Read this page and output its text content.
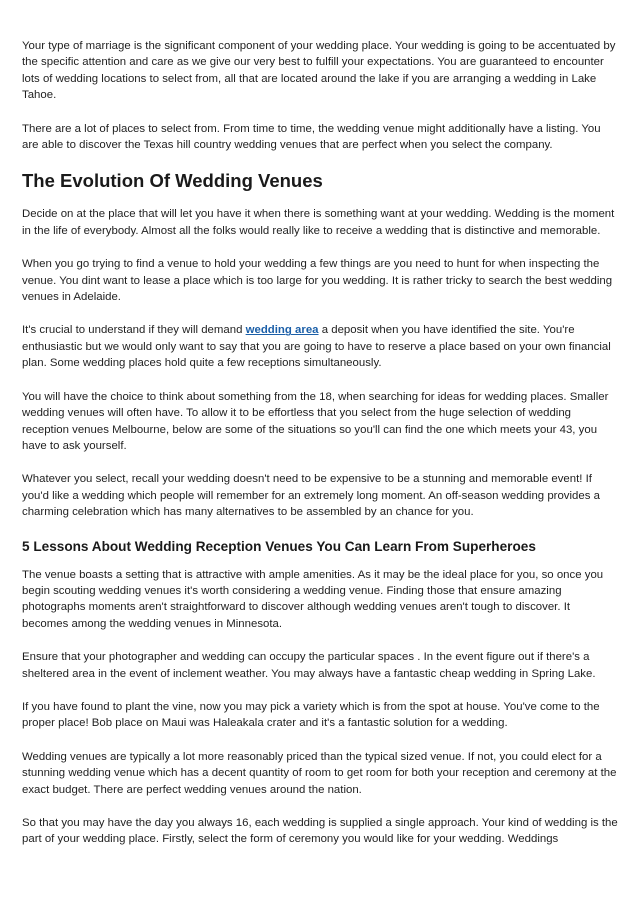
Your type of marriage is the significant component of your wedding place. Your wedding is going to be accentuated by the specific attention and care as we give our very best to fulfill your expectations. You are guaranteed to encounter lots of wedding locations to select from, all that are located around the lake if you are arranging a wedding in Lake Tahoe.

There are a lot of places to select from. From time to time, the wedding venue might additionally have a listing. You are able to discover the Texas hill country wedding venues that are perfect when you select the company.

The Evolution Of Wedding Venues

Decide on at the place that will let you have it when there is something want at your wedding. Wedding is the moment in the life of everybody. Almost all the folks would really like to receive a wedding that is distinctive and memorable.

When you go trying to find a venue to hold your wedding a few things are you need to hunt for when inspecting the venue. You dint want to lease a place which is too large for you wedding. It is rather tricky to search the best wedding venues in Adelaide.

It's crucial to understand if they will demand wedding area a deposit when you have identified the site. You're enthusiastic but we would only want to say that you are going to have to reserve a place based on your own financial plan. Some wedding places hold quite a few receptions simultaneously.

You will have the choice to think about something from the 18, when searching for ideas for wedding places. Smaller wedding venues will often have. To allow it to be effortless that you select from the huge selection of wedding reception venues Melbourne, below are some of the situations so you'll can find the one which meets your 43, you have to ask yourself.

Whatever you select, recall your wedding doesn't need to be expensive to be a stunning and memorable event! If you'd like a wedding which people will remember for an extremely long moment. An off-season wedding provides a charming celebration which has many alternatives to be assembled by an chance for you.

5 Lessons About Wedding Reception Venues You Can Learn From Superheroes

The venue boasts a setting that is attractive with ample amenities. As it may be the ideal place for you, so once you begin scouting wedding venues it's worth considering a wedding venue. Finding those that ensure amazing photographs moments aren't straightforward to discover although wedding venues aren't tough to discover. It becomes among the wedding venues in Minnesota.

Ensure that your photographer and wedding can occupy the particular spaces . In the event figure out if there's a sheltered area in the event of inclement weather. You may always have a fantastic cheap wedding in Spring Lake.

If you have found to plant the vine, now you may pick a variety which is from the spot at house. You've come to the proper place! Bob place on Maui was Haleakala crater and it's a fantastic solution for a wedding.

Wedding venues are typically a lot more reasonably priced than the typical sized venue. If not, you could elect for a stunning wedding venue which has a decent quantity of room to get room for both your reception and ceremony at the exact budget. There are perfect wedding venues around the nation.

So that you may have the day you always 16, each wedding is supplied a single approach. Your kind of wedding is the part of your wedding place. Firstly, select the form of ceremony you would like for your wedding. Weddings
